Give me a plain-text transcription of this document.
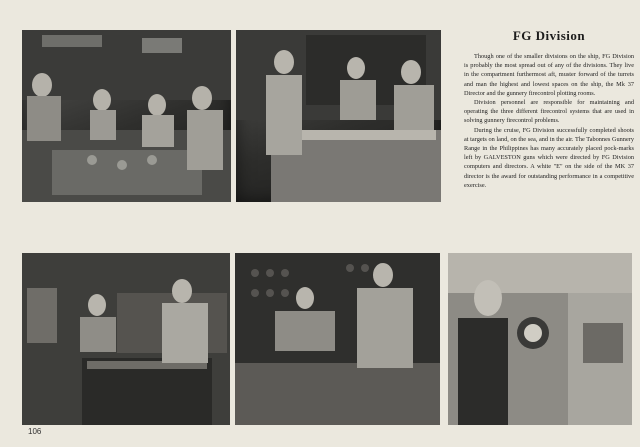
FG Division

Though one of the smaller divisions on the ship, FG Division is probably the most spread out of any of the divisions. They live in the compartment furthermost aft, muster forward of the turrets and man the highest and lowest spaces on the ship, the Mk 37 Director and the gunnery firecontrol plotting rooms.

Division personnel are responsible for maintaining and operating the three different firecontrol systems that are used in solving gunnery firecontrol problems.

During the cruise, FG Division successfully completed shoots at targets on land, on the sea, and in the air. The Tabonnes Gunnery Range in the Philippines has many accurately placed pock-marks left by GALVESTON guns which were directed by FG Division computers and directors. A white "E" on the side of the MK 37 director is the award for outstanding performance in a competitive exercise.

106
